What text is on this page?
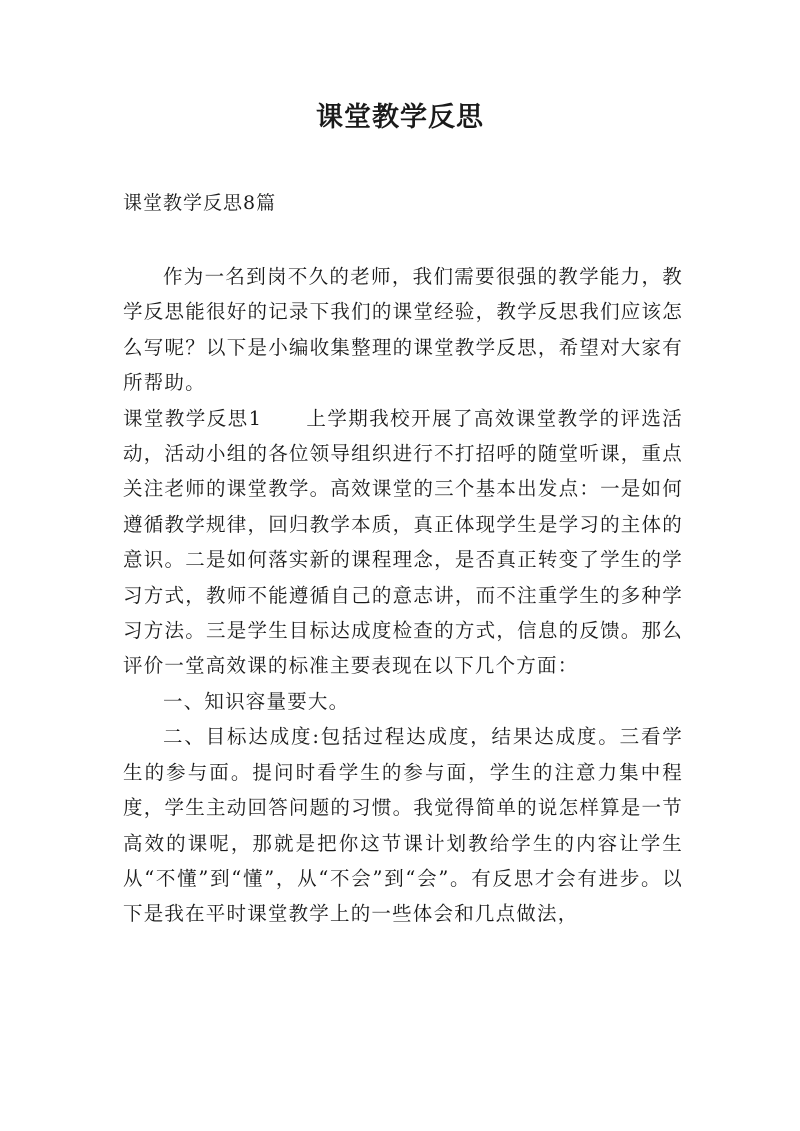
课堂教学反思

课堂教学反思8篇

作为一名到岗不久的老师，我们需要很强的教学能力，教学反思能很好的记录下我们的课堂经验，教学反思我们应该怎么写呢？以下是小编收集整理的课堂教学反思，希望对大家有所帮助。

课堂教学反思1 上学期我校开展了高效课堂教学的评选活动，活动小组的各位领导组织进行不打招呼的随堂听课，重点关注老师的课堂教学。高效课堂的三个基本出发点：一是如何遵循教学规律，回归教学本质，真正体现学生是学习的主体的意识。二是如何落实新的课程理念，是否真正转变了学生的学习方式，教师不能遵循自己的意志讲，而不注重学生的多种学习方法。三是学生目标达成度检查的方式，信息的反馈。那么评价一堂高效课的标准主要表现在以下几个方面：

一、知识容量要大。

二、目标达成度:包括过程达成度，结果达成度。三看学生的参与面。提问时看学生的参与面，学生的注意力集中程度，学生主动回答问题的习惯。我觉得简单的说怎样算是一节高效的课呢，那就是把你这节课计划教给学生的内容让学生从“不懂”到“懂”，从“不会”到“会”。有反思才会有进步。以下是我在平时课堂教学上的一些体会和几点做法，
